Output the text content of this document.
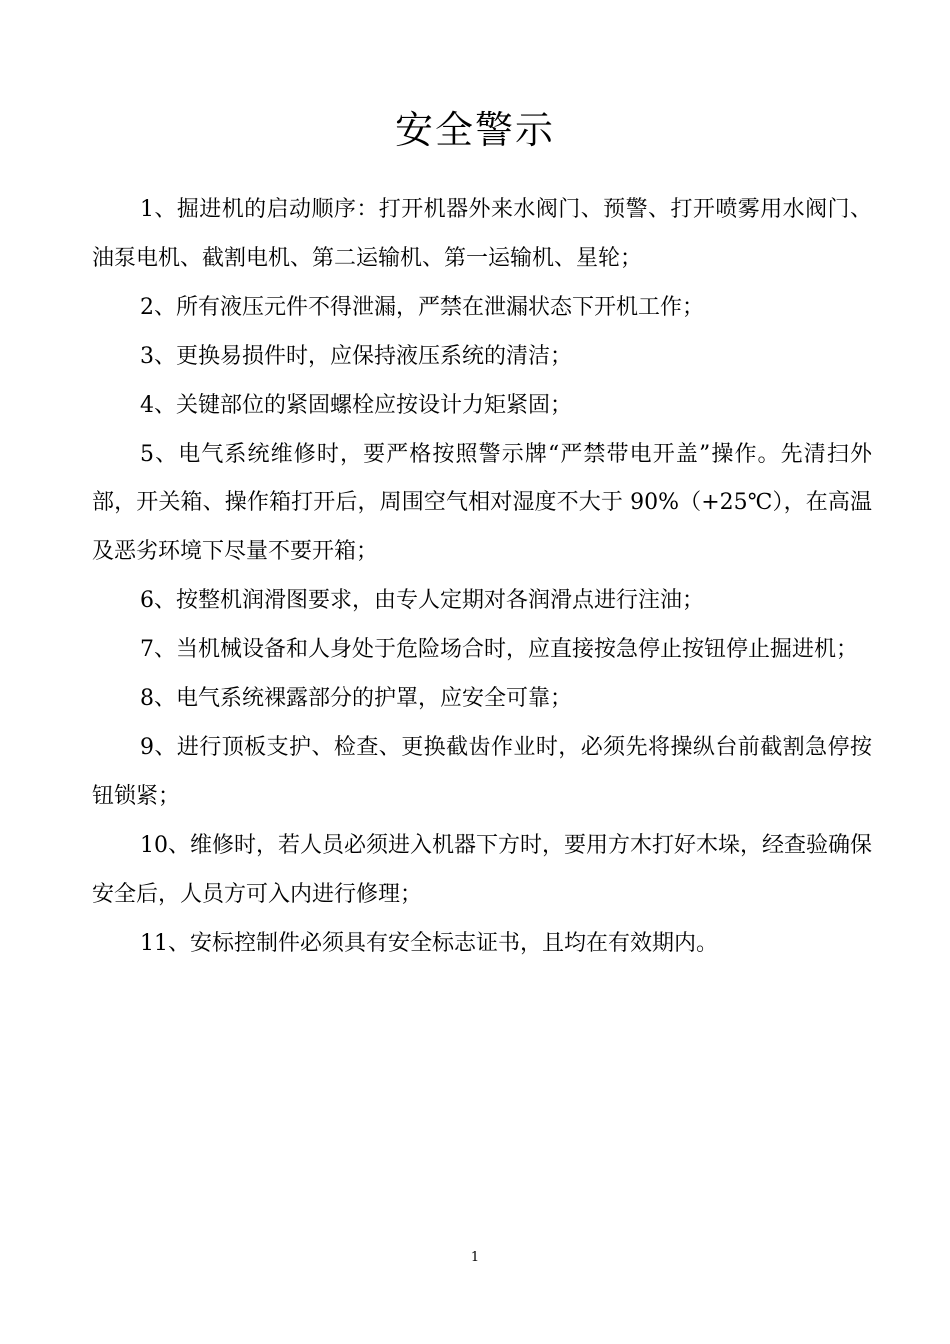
安全警示

1、掘进机的启动顺序：打开机器外来水阀门、预警、打开喷雾用水阀门、油泵电机、截割电机、第二运输机、第一运输机、星轮；

2、所有液压元件不得泄漏，严禁在泄漏状态下开机工作；

3、更换易损件时，应保持液压系统的清洁；

4、关键部位的紧固螺栓应按设计力矩紧固；

5、电气系统维修时，要严格按照警示牌“严禁带电开盖”操作。先清扫外部，开关箱、操作箱打开后，周围空气相对湿度不大于 90%（+25℃），在高温及恶劣环境下尽量不要开箱；

6、按整机润滑图要求，由专人定期对各润滑点进行注油；

7、当机械设备和人身处于危险场合时，应直接按急停止按钮停止掘进机；

8、电气系统裸露部分的护罩，应安全可靠；

9、进行顶板支护、检查、更换截齿作业时，必须先将操纵台前截割急停按钮锁紧；

10、维修时，若人员必须进入机器下方时，要用方木打好木垛，经查验确保安全后，人员方可入内进行修理；

11、安标控制件必须具有安全标志证书，且均在有效期内。

1
